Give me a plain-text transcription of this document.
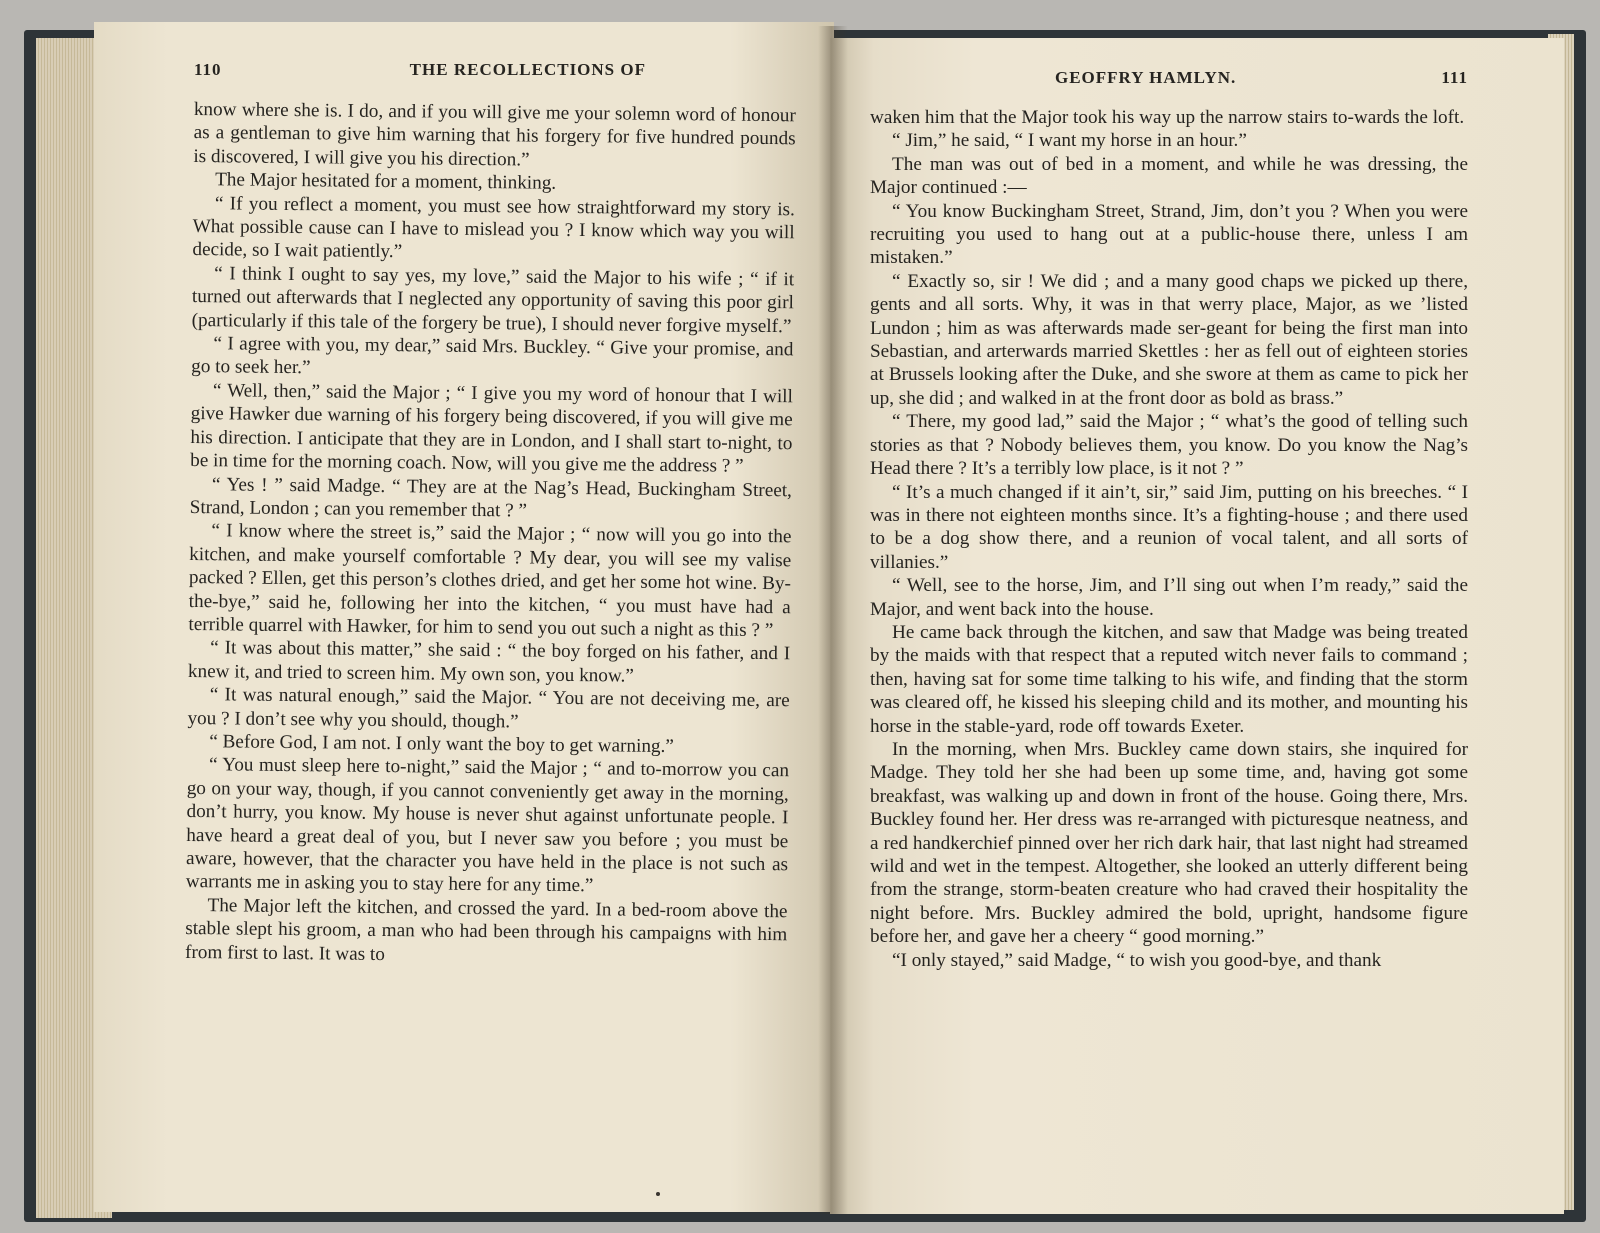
110	THE RECOLLECTIONS OF

know where she is. I do, and if you will give me your solemn word of honour as a gentleman to give him warning that his forgery for five hundred pounds is discovered, I will give you his direction.”

The Major hesitated for a moment, thinking.

“ If you reflect a moment, you must see how straightforward my story is. What possible cause can I have to mislead you ? I know which way you will decide, so I wait patiently.”

“ I think I ought to say yes, my love,” said the Major to his wife ; “ if it turned out afterwards that I neglected any opportunity of saving this poor girl (particularly if this tale of the forgery be true), I should never forgive myself.”

“ I agree with you, my dear,” said Mrs. Buckley. “ Give your promise, and go to seek her.”

“ Well, then,” said the Major ; “ I give you my word of honour that I will give Hawker due warning of his forgery being discovered, if you will give me his direction. I anticipate that they are in London, and I shall start to-night, to be in time for the morning coach. Now, will you give me the address ? ”

“ Yes ! ” said Madge. “ They are at the Nag’s Head, Buckingham Street, Strand, London ; can you remember that ? ”

“ I know where the street is,” said the Major ; “ now will you go into the kitchen, and make yourself comfortable ? My dear, you will see my valise packed ? Ellen, get this person’s clothes dried, and get her some hot wine. By-the-bye,” said he, following her into the kitchen, “ you must have had a terrible quarrel with Hawker, for him to send you out such a night as this ? ”

“ It was about this matter,” she said : “ the boy forged on his father, and I knew it, and tried to screen him. My own son, you know.”

“ It was natural enough,” said the Major. “ You are not deceiving me, are you ? I don’t see why you should, though.”

“ Before God, I am not. I only want the boy to get warning.”

“ You must sleep here to-night,” said the Major ; “ and to-morrow you can go on your way, though, if you cannot conveniently get away in the morning, don’t hurry, you know. My house is never shut against unfortunate people. I have heard a great deal of you, but I never saw you before ; you must be aware, however, that the character you have held in the place is not such as warrants me in asking you to stay here for any time.”

The Major left the kitchen, and crossed the yard. In a bed-room above the stable slept his groom, a man who had been through his campaigns with him from first to last. It was to

GEOFFRY HAMLYN.	111

waken him that the Major took his way up the narrow stairs to-wards the loft.

“ Jim,” he said, “ I want my horse in an hour.”

The man was out of bed in a moment, and while he was dressing, the Major continued :—

“ You know Buckingham Street, Strand, Jim, don’t you ? When you were recruiting you used to hang out at a public-house there, unless I am mistaken.”

“ Exactly so, sir ! We did ; and a many good chaps we picked up there, gents and all sorts. Why, it was in that werry place, Major, as we ’listed Lundon ; him as was afterwards made ser-geant for being the first man into Sebastian, and arterwards married Skettles : her as fell out of eighteen stories at Brussels looking after the Duke, and she swore at them as came to pick her up, she did ; and walked in at the front door as bold as brass.”

“ There, my good lad,” said the Major ; “ what’s the good of telling such stories as that ? Nobody believes them, you know. Do you know the Nag’s Head there ? It’s a terribly low place, is it not ? ”

“ It’s a much changed if it ain’t, sir,” said Jim, putting on his breeches. “ I was in there not eighteen months since. It’s a fighting-house ; and there used to be a dog show there, and a reunion of vocal talent, and all sorts of villanies.”

“ Well, see to the horse, Jim, and I’ll sing out when I’m ready,” said the Major, and went back into the house.

He came back through the kitchen, and saw that Madge was being treated by the maids with that respect that a reputed witch never fails to command ; then, having sat for some time talking to his wife, and finding that the storm was cleared off, he kissed his sleeping child and its mother, and mounting his horse in the stable-yard, rode off towards Exeter.

In the morning, when Mrs. Buckley came down stairs, she inquired for Madge. They told her she had been up some time, and, having got some breakfast, was walking up and down in front of the house. Going there, Mrs. Buckley found her. Her dress was re-arranged with picturesque neatness, and a red handkerchief pinned over her rich dark hair, that last night had streamed wild and wet in the tempest. Altogether, she looked an utterly different being from the strange, storm-beaten creature who had craved their hospitality the night before. Mrs. Buckley admired the bold, upright, handsome figure before her, and gave her a cheery “ good morning.”

“I only stayed,” said Madge, “ to wish you good-bye, and thank
